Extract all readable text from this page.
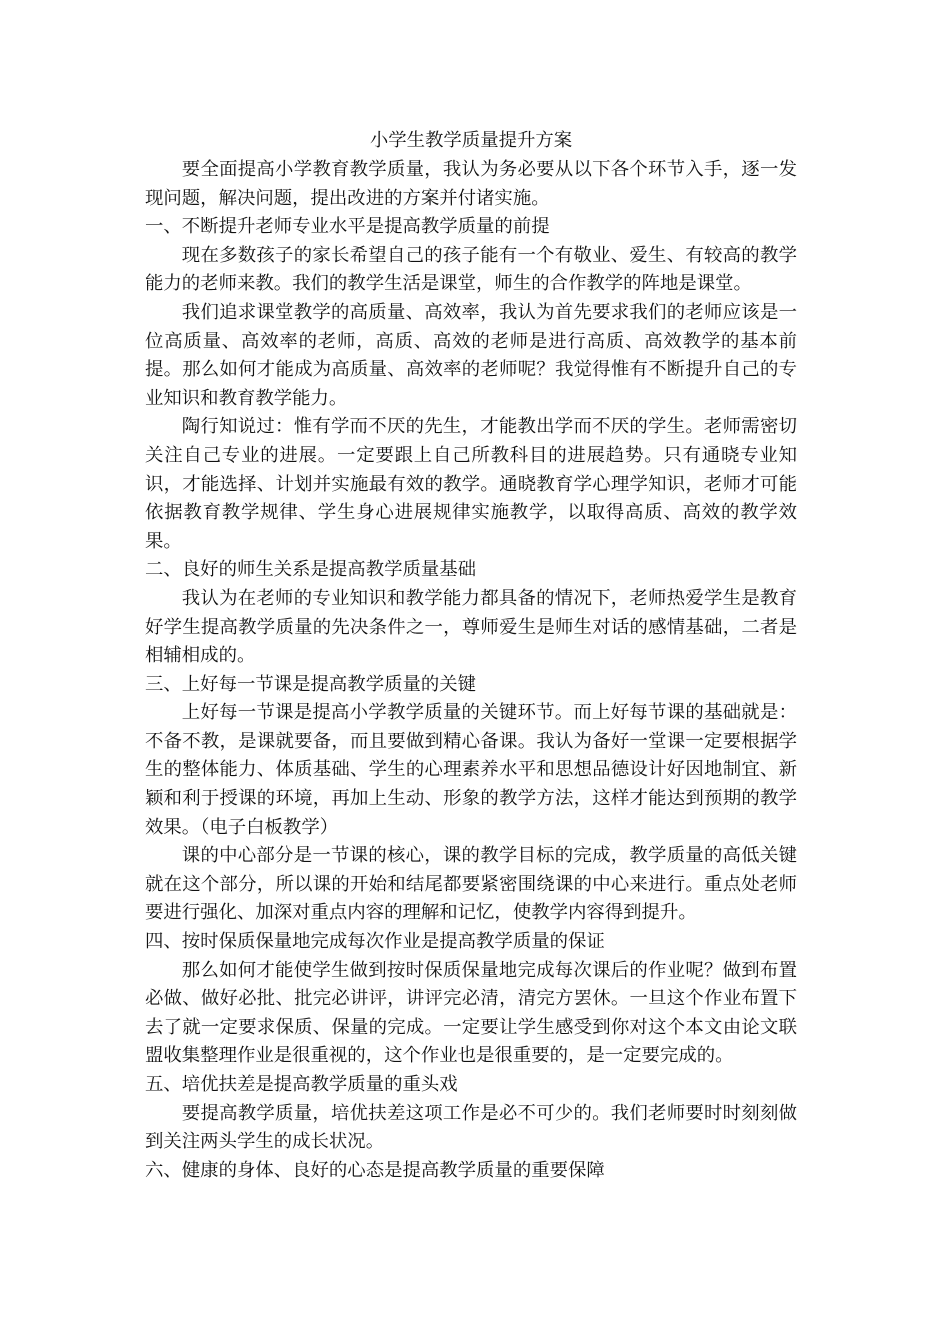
小学生教学质量提升方案

要全面提高小学教育教学质量，我认为务必要从以下各个环节入手，逐一发现问题，解决问题，提出改进的方案并付诸实施。

一、不断提升老师专业水平是提高教学质量的前提

现在多数孩子的家长希望自己的孩子能有一个有敬业、爱生、有较高的教学能力的老师来教。我们的教学生活是课堂，师生的合作教学的阵地是课堂。

我们追求课堂教学的高质量、高效率，我认为首先要求我们的老师应该是一位高质量、高效率的老师，高质、高效的老师是进行高质、高效教学的基本前提。那么如何才能成为高质量、高效率的老师呢？我觉得惟有不断提升自己的专业知识和教育教学能力。

陶行知说过：惟有学而不厌的先生，才能教出学而不厌的学生。老师需密切关注自己专业的进展。一定要跟上自己所教科目的进展趋势。只有通晓专业知识，才能选择、计划并实施最有效的教学。通晓教育学心理学知识，老师才可能依据教育教学规律、学生身心进展规律实施教学，以取得高质、高效的教学效果。

二、良好的师生关系是提高教学质量基础

我认为在老师的专业知识和教学能力都具备的情况下，老师热爱学生是教育好学生提高教学质量的先决条件之一，尊师爱生是师生对话的感情基础，二者是相辅相成的。

三、上好每一节课是提高教学质量的关键

上好每一节课是提高小学教学质量的关键环节。而上好每节课的基础就是：不备不教，是课就要备，而且要做到精心备课。我认为备好一堂课一定要根据学生的整体能力、体质基础、学生的心理素养水平和思想品德设计好因地制宜、新颖和利于授课的环境，再加上生动、形象的教学方法，这样才能达到预期的教学效果。（电子白板教学）

课的中心部分是一节课的核心，课的教学目标的完成，教学质量的高低关键就在这个部分，所以课的开始和结尾都要紧密围绕课的中心来进行。重点处老师要进行强化、加深对重点内容的理解和记忆，使教学内容得到提升。

四、按时保质保量地完成每次作业是提高教学质量的保证

那么如何才能使学生做到按时保质保量地完成每次课后的作业呢？做到布置必做、做好必批、批完必讲评，讲评完必清，清完方罢休。一旦这个作业布置下去了就一定要求保质、保量的完成。一定要让学生感受到你对这个本文由论文联盟收集整理作业是很重视的，这个作业也是很重要的，是一定要完成的。

五、培优扶差是提高教学质量的重头戏

要提高教学质量，培优扶差这项工作是必不可少的。我们老师要时时刻刻做到关注两头学生的成长状况。

六、健康的身体、良好的心态是提高教学质量的重要保障
